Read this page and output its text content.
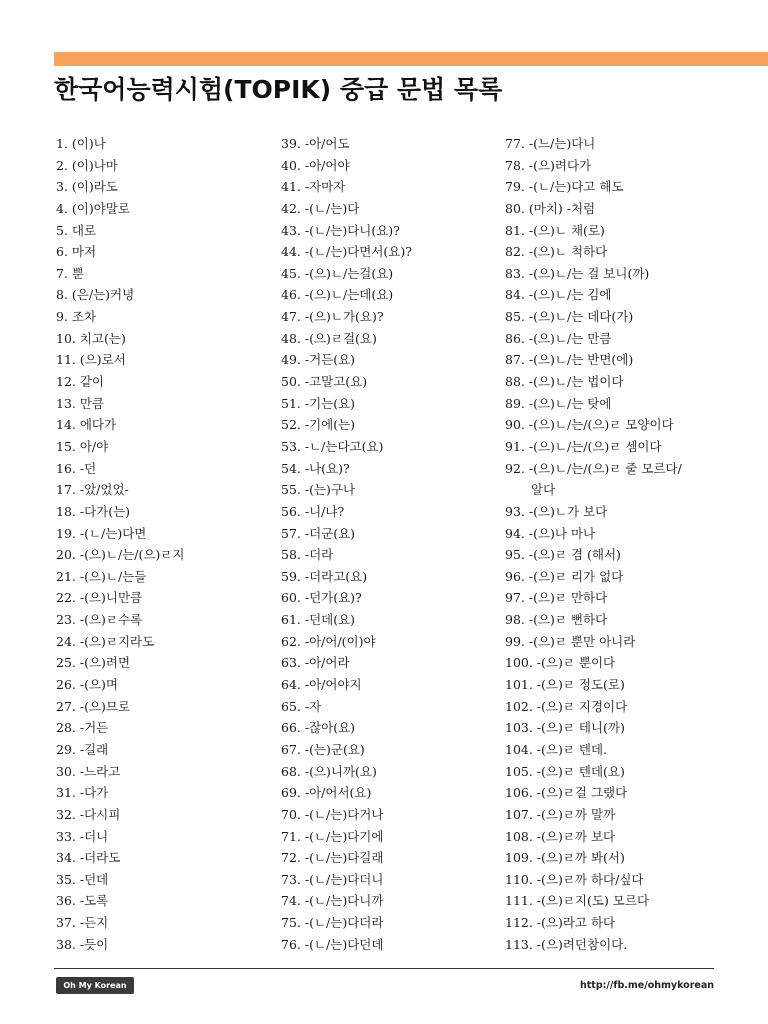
한국어능력시험(TOPIK) 중급 문법 목록
1. (이)나
2. (이)나마
3. (이)라도
4. (이)야말로
5. 대로
6. 마저
7. 뿐
8. (은/는)커녕
9. 조차
10. 치고(는)
11. (으)로서
12. 같이
13. 만큼
14. 에다가
15. 아/야
16. -던
17. -았/었었-
18. -다가(는)
19. -(ㄴ/는)다면
20. -(으)ㄴ/는/(으)ㄹ지
21. -(으)ㄴ/는들
22. -(으)니만큼
23. -(으)ㄹ수록
24. -(으)ㄹ지라도
25. -(으)려면
26. -(으)며
27. -(으)므로
28. -거든
29. -길래
30. -느라고
31. -다가
32. -다시피
33. -더니
34. -더라도
35. -던데
36. -도록
37. -든지
38. -듯이
39. -아/어도
40. -아/어야
41. -자마자
42. -(ㄴ/는)다
43. -(ㄴ/는)다니(요)?
44. -(ㄴ/는)다면서(요)?
45. -(으)ㄴ/는걸(요)
46. -(으)ㄴ/는데(요)
47. -(으)ㄴ가(요)?
48. -(으)ㄹ걸(요)
49. -거든(요)
50. -고말고(요)
51. -기는(요)
52. -기에(는)
53. -ㄴ/는다고(요)
54. -나(요)?
55. -(는)구나
56. -니/냐?
57. -더군(요)
58. -더라
59. -더라고(요)
60. -던가(요)?
61. -던데(요)
62. -아/어/(이)야
63. -아/어라
64. -아/어야지
65. -자
66. -잖아(요)
67. -(는)군(요)
68. -(으)니까(요)
69. -아/어서(요)
70. -(ㄴ/는)다거나
71. -(ㄴ/는)다기에
72. -(ㄴ/는)다길래
73. -(ㄴ/는)다더니
74. -(ㄴ/는)다니까
75. -(ㄴ/는)다더라
76. -(ㄴ/는)다던데
77. -(느/는)다니
78. -(으)려다가
79. -(ㄴ/는)다고 해도
80. (마치) -처럼
81. -(으)ㄴ 채(로)
82. -(으)ㄴ 척하다
83. -(으)ㄴ/는 걸 보니(까)
84. -(으)ㄴ/는 김에
85. -(으)ㄴ/는 데다(가)
86. -(으)ㄴ/는 만큼
87. -(으)ㄴ/는 반면(에)
88. -(으)ㄴ/는 법이다
89. -(으)ㄴ/는 탓에
90. -(으)ㄴ/는/(으)ㄹ 모양이다
91. -(으)ㄴ/는/(으)ㄹ 셈이다
92. -(으)ㄴ/는/(으)ㄹ 줄 모르다/
알다
93. -(으)ㄴ가 보다
94. -(으)나 마나
95. -(으)ㄹ 겸 (해서)
96. -(으)ㄹ 리가 없다
97. -(으)ㄹ 만하다
98. -(으)ㄹ 뻔하다
99. -(으)ㄹ 뿐만 아니라
100. -(으)ㄹ 뿐이다
101. -(으)ㄹ 정도(로)
102. -(으)ㄹ 지경이다
103. -(으)ㄹ 테니(까)
104. -(으)ㄹ 텐데.
105. -(으)ㄹ 텐데(요)
106. -(으)ㄹ걸 그랬다
107. -(으)ㄹ까 말까
108. -(으)ㄹ까 보다
109. -(으)ㄹ까 봐(서)
110. -(으)ㄹ까 하다/싶다
111. -(으)ㄹ지(도) 모르다
112. -(으)라고 하다
113. -(으)려던참이다.
Oh My Korean	http://fb.me/ohmykorean
